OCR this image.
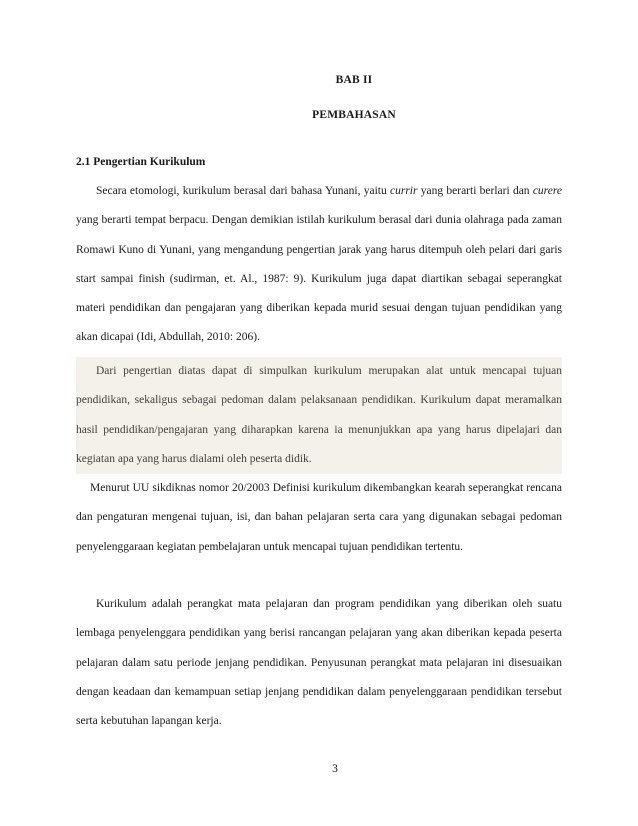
BAB II
PEMBAHASAN
2.1 Pengertian Kurikulum
Secara etomologi, kurikulum berasal dari bahasa Yunani, yaitu currir yang berarti berlari dan curere yang berarti tempat berpacu. Dengan demikian istilah kurikulum berasal dari dunia olahraga pada zaman Romawi Kuno di Yunani, yang mengandung pengertian jarak yang harus ditempuh oleh pelari dari garis start sampai finish (sudirman, et. Al., 1987: 9). Kurikulum juga dapat diartikan sebagai seperangkat materi pendidikan dan pengajaran yang diberikan kepada murid sesuai dengan tujuan pendidikan yang akan dicapai (Idi, Abdullah, 2010: 206).
Dari pengertian diatas dapat di simpulkan kurikulum merupakan alat untuk mencapai tujuan pendidikan, sekaligus sebagai pedoman dalam pelaksanaan pendidikan. Kurikulum dapat meramalkan hasil pendidikan/pengajaran yang diharapkan karena ia menunjukkan apa yang harus dipelajari dan kegiatan apa yang harus dialami oleh peserta didik.
Menurut UU sikdiknas nomor 20/2003 Definisi kurikulum dikembangkan kearah seperangkat rencana dan pengaturan mengenai tujuan, isi, dan bahan pelajaran serta cara yang digunakan sebagai pedoman penyelenggaraan kegiatan pembelajaran untuk mencapai tujuan pendidikan tertentu.
Kurikulum adalah perangkat mata pelajaran dan program pendidikan yang diberikan oleh suatu lembaga penyelenggara pendidikan yang berisi rancangan pelajaran yang akan diberikan kepada peserta pelajaran dalam satu periode jenjang pendidikan. Penyusunan perangkat mata pelajaran ini disesuaikan dengan keadaan dan kemampuan setiap jenjang pendidikan dalam penyelenggaraan pendidikan tersebut serta kebutuhan lapangan kerja.
3
